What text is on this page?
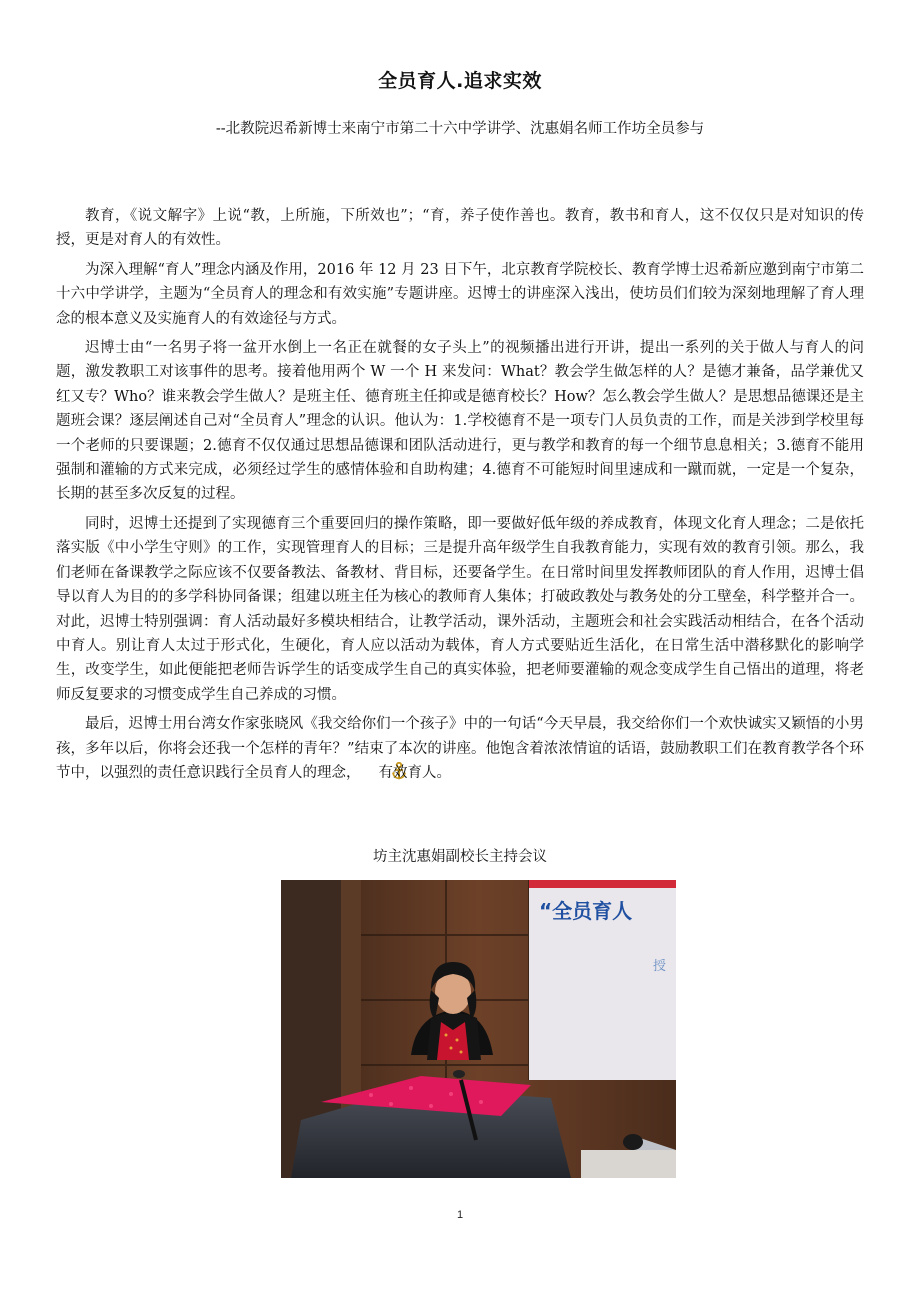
全员育人.追求实效

--北教院迟希新博士来南宁市第二十六中学讲学、沈惠娟名师工作坊全员参与

教育，《说文解字》上说“教，上所施，下所效也”；“育，养子使作善也。教育，教书和育人，这不仅仅只是对知识的传授，更是对育人的有效性。

为深入理解“育人”理念内涵及作用，2016 年 12 月 23 日下午，北京教育学院校长、教育学博士迟希新应邀到南宁市第二十六中学讲学，主题为“全员育人的理念和有效实施”专题讲座。迟博士的讲座深入浅出，使坊员们们较为深刻地理解了育人理念的根本意义及实施育人的有效途径与方式。

迟博士由“一名男子将一盆开水倒上一名正在就餐的女子头上”的视频播出进行开讲，提出一系列的关于做人与育人的问题，激发教职工对该事件的思考。接着他用两个 W 一个 H 来发问：What？教会学生做怎样的人？是德才兼备，品学兼优又红又专？Who？谁来教会学生做人？是班主任、德育班主任抑或是德育校长？How？怎么教会学生做人？是思想品德课还是主题班会课？逐层阐述自己对“全员育人”理念的认识。他认为：1.学校德育不是一项专门人员负责的工作，而是关涉到学校里每一个老师的只要课题；2.德育不仅仅通过思想品德课和团队活动进行，更与教学和教育的每一个细节息息相关；3.德育不能用强制和灌输的方式来完成，必须经过学生的感情体验和自助构建；4.德育不可能短时间里速成和一蹴而就，一定是一个复杂，长期的甚至多次反复的过程。

同时，迟博士还提到了实现德育三个重要回归的操作策略，即一要做好低年级的养成教育，体现文化育人理念；二是依托落实版《中小学生守则》的工作，实现管理育人的目标；三是提升高年级学生自我教育能力，实现有效的教育引领。那么，我们老师在备课教学之际应该不仅要备教法、备教材、背目标，还要备学生。在日常时间里发挥教师团队的育人作用，迟博士倡导以育人为目的的多学科协同备课；组建以班主任为核心的教师育人集体；打破政教处与教务处的分工壁垒，科学整并合一。对此，迟博士特别强调：育人活动最好多模块相结合，让教学活动，课外活动，主题班会和社会实践活动相结合，在各个活动中育人。别让育人太过于形式化，生硬化，育人应以活动为载体，育人方式要贴近生活化，在日常生活中潜移默化的影响学生，改变学生，如此便能把老师告诉学生的话变成学生自己的真实体验，把老师要灌输的观念变成学生自己悟出的道理，将老师反复要求的习惯变成学生自己养成的习惯。

最后，迟博士用台湾女作家张晓风《我交给你们一个孩子》中的一句话“今天早晨，我交给你们一个欢快诚实又颖悟的小男孩，多年以后，你将会还我一个怎样的青年？”结束了本次的讲座。他饱含着浓浓情谊的话语，鼓励教职工们在教育教学各个环节中，以强烈的责任意识践行全员育人的理念， 有效育人。

坊主沈惠娟副校长主持会议

“全员育人
授
1
